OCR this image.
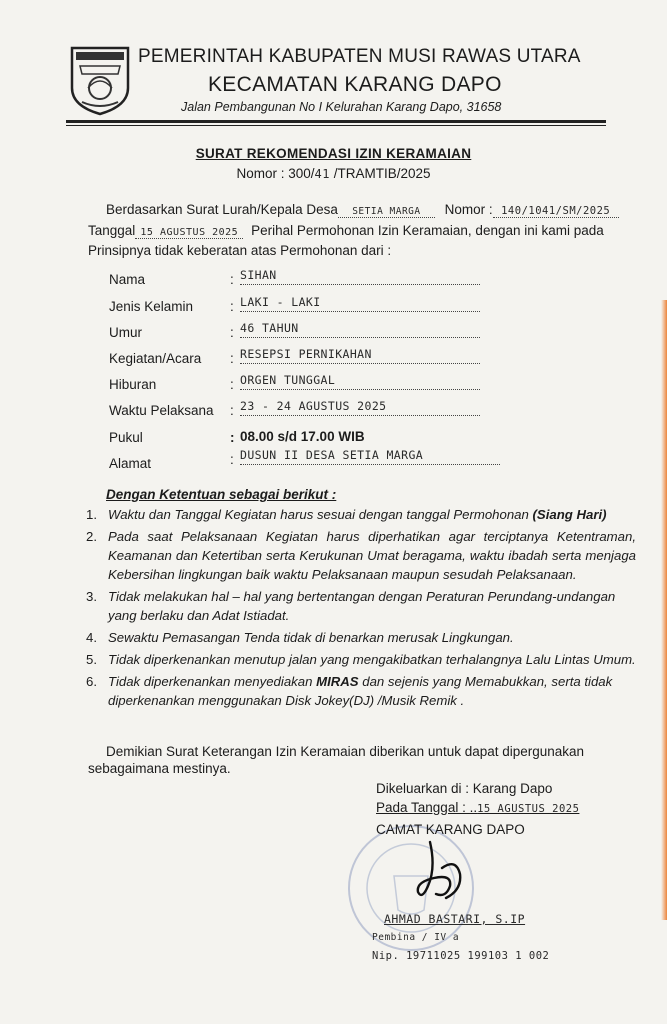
PEMERINTAH KABUPATEN MUSI RAWAS UTARA
KECAMATAN KARANG DAPO
Jalan Pembangunan No I Kelurahan Karang Dapo, 31658
SURAT REKOMENDASI IZIN KERAMAIAN
Nomor : 300/41 /TRAMTIB/2025
Berdasarkan Surat Lurah/Kepala Desa SETIA MARGA Nomor : 140/1041/SM/2025
Tanggal 15 AGUSTUS 2025 Perihal Permohonan Izin Keramaian, dengan ini kami pada
Prinsipnya tidak keberatan atas Permohonan dari :
Nama	: SIHAN
Jenis Kelamin	: LAKI - LAKI
Umur	: 46 TAHUN
Kegiatan/Acara : RESEPSI PERNIKAHAN
Hiburan	: ORGEN TUNGGAL
Waktu Pelaksana : 23 - 24 AGUSTUS 2025
Pukul	: 08.00 s/d 17.00 WIB
Alamat	: DUSUN II DESA SETIA MARGA
Dengan Ketentuan sebagai berikut :
1. Waktu dan Tanggal Kegiatan harus sesuai dengan tanggal Permohonan (Siang Hari)
2. Pada saat Pelaksanaan Kegiatan harus diperhatikan agar terciptanya Ketentraman, Keamanan dan Ketertiban serta Kerukunan Umat beragama, waktu ibadah serta menjaga Kebersihan lingkungan baik waktu Pelaksanaan maupun sesudah Pelaksanaan.
3. Tidak melakukan hal – hal yang bertentangan dengan Peraturan Perundang-undangan yang berlaku dan Adat Istiadat.
4. Sewaktu Pemasangan Tenda tidak di benarkan merusak Lingkungan.
5. Tidak diperkenankan menutup jalan yang mengakibatkan terhalangnya Lalu Lintas Umum.
6. Tidak diperkenankan menyediakan MIRAS dan sejenis yang Memabukkan, serta tidak diperkenankan menggunakan Disk Jokey(DJ) /Musik Remik .
Demikian Surat Keterangan Izin Keramaian diberikan untuk dapat dipergunakan
sebagaimana mestinya.
Dikeluarkan di : Karang Dapo
Pada Tanggal : ..15 AGUSTUS 2025
CAMAT KARANG DAPO
AHMAD BASTARI, S.IP
Pembina / IV a
Nip. 19711025 199103 1 002
